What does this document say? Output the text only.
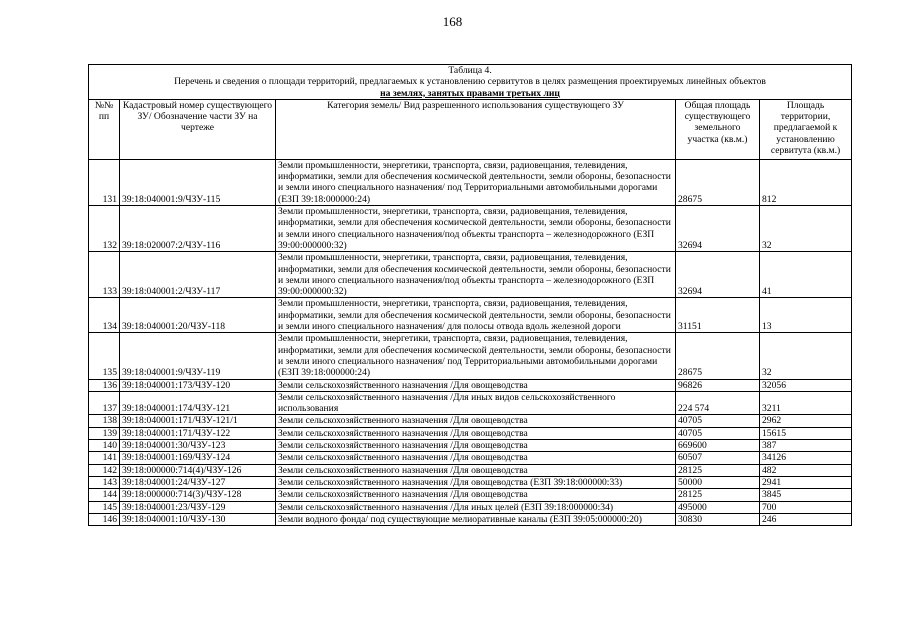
168
Таблица 4.
Перечень и сведения о площади территорий, предлагаемых к установлению сервитутов в целях размещения проектируемых линейных объектов
на землях, занятых правами третьих лиц				

№№ пп	Кадастровый номер существующего ЗУ/ Обозначение части ЗУ на чертеже	Категория земель/ Вид разрешенного использования существующего ЗУ	Общая площадь существующего земельного участка (кв.м.)	Площадь территории, предлагаемой к установлению сервитута (кв.м.)
131	39:18:040001:9/ЧЗУ-115	Земли промышленности, энергетики, транспорта, связи, радиовещания, телевидения, информатики, земли для обеспечения космической деятельности, земли обороны, безопасности и земли иного специального назначения/ под Территориальными автомобильными дорогами (ЕЗП 39:18:000000:24)	28675	812
132	39:18:020007:2/ЧЗУ-116	Земли промышленности, энергетики, транспорта, связи, радиовещания, телевидения, информатики, земли для обеспечения космической деятельности, земли обороны, безопасности и земли иного специального назначения/под объекты транспорта – железнодорожного (ЕЗП 39:00:000000:32)	32694	32
133	39:18:040001:2/ЧЗУ-117	Земли промышленности, энергетики, транспорта, связи, радиовещания, телевидения, информатики, земли для обеспечения космической деятельности, земли обороны, безопасности и земли иного специального назначения/под объекты транспорта – железнодорожного (ЕЗП 39:00:000000:32)	32694	41
134	39:18:040001:20/ЧЗУ-118	Земли промышленности, энергетики, транспорта, связи, радиовещания, телевидения, информатики, земли для обеспечения космической деятельности, земли обороны, безопасности и земли иного специального назначения/ для полосы отвода вдоль железной дороги	31151	13
135	39:18:040001:9/ЧЗУ-119	Земли промышленности, энергетики, транспорта, связи, радиовещания, телевидения, информатики, земли для обеспечения космической деятельности, земли обороны, безопасности и земли иного специального назначения/ под Территориальными автомобильными дорогами (ЕЗП 39:18:000000:24)	28675	32
136	39:18:040001:173/ЧЗУ-120	Земли сельскохозяйственного назначения /Для овощеводства	96826	32056
137	39:18:040001:174/ЧЗУ-121	Земли сельскохозяйственного назначения /Для иных видов сельскохозяйственного использования	224 574	3211
138	39:18:040001:171/ЧЗУ-121/1	Земли сельскохозяйственного назначения /Для овощеводства	40705	2962
139	39:18:040001:171/ЧЗУ-122	Земли сельскохозяйственного назначения /Для овощеводства	40705	15615
140	39:18:040001:30/ЧЗУ-123	Земли сельскохозяйственного назначения /Для овощеводства	669600	387
141	39:18:040001:169/ЧЗУ-124	Земли сельскохозяйственного назначения /Для овощеводства	60507	34126
142	39:18:000000:714(4)/ЧЗУ-126	Земли сельскохозяйственного назначения /Для овощеводства	28125	482
143	39:18:040001:24/ЧЗУ-127	Земли сельскохозяйственного назначения /Для овощеводства (ЕЗП 39:18:000000:33)	50000	2941
144	39:18:000000:714(3)/ЧЗУ-128	Земли сельскохозяйственного назначения /Для овощеводства	28125	3845
145	39:18:040001:23/ЧЗУ-129	Земли сельскохозяйственного назначения /Для иных целей (ЕЗП 39:18:000000:34)	495000	700
146	39:18:040001:10/ЧЗУ-130	Земли водного фонда/ под существующие мелиоративные каналы (ЕЗП 39:05:000000:20)	30830	246
